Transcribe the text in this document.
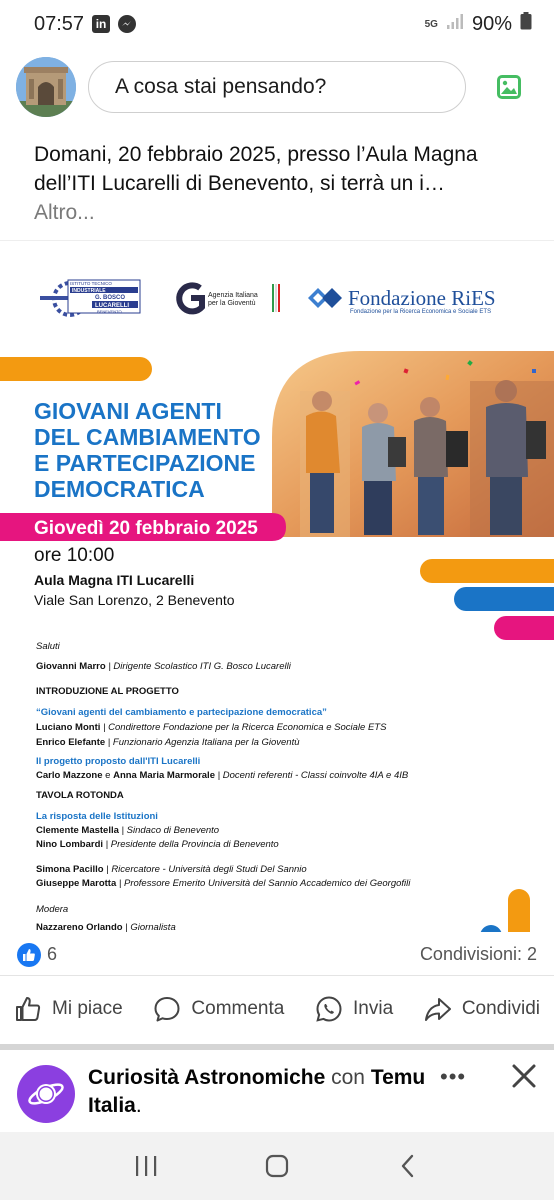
07:57 in	5G 90%
A cosa stai pensando?
Domani, 20 febbraio 2025, presso l’Aula Magna dell’ITI Lucarelli di Benevento, si terrà un i…
Altro...
ISTITUTO TECNICO
INDUSTRIALE
G. BOSCO
LUCARELLI
BENEVENTO
Agenzia Italiana
per la Gioventù	Fondazione RiES
Fondazione per la Ricerca Economica e Sociale ETS
GIOVANI AGENTI
DEL CAMBIAMENTO
E PARTECIPAZIONE
DEMOCRATICA
Giovedì 20 febbraio 2025
ore 10:00
Aula Magna ITI Lucarelli
Viale San Lorenzo, 2 Benevento
Saluti
Giovanni Marro | Dirigente Scolastico ITI G. Bosco Lucarelli
INTRODUZIONE AL PROGETTO
“Giovani agenti del cambiamento e partecipazione democratica”
Luciano Monti | Condirettore Fondazione per la Ricerca Economica e Sociale ETS
Enrico Elefante | Funzionario Agenzia Italiana per la Gioventù
Il progetto proposto dall'ITI Lucarelli
Carlo Mazzone e Anna Maria Marmorale | Docenti referenti - Classi coinvolte 4IA e 4IB
TAVOLA ROTONDA
La risposta delle Istituzioni
Clemente Mastella | Sindaco di Benevento
Nino Lombardi | Presidente della Provincia di Benevento
Simona Pacillo | Ricercatore - Università degli Studi Del Sannio
Giuseppe Marotta | Professore Emerito Università del Sannio Accademico dei Georgofili
Modera
Nazzareno Orlando | Giornalista
6	Condivisioni: 2
Mi piace	Commenta	Invia	Condividi
Curiosità Astronomiche con Temu Italia.
•••
